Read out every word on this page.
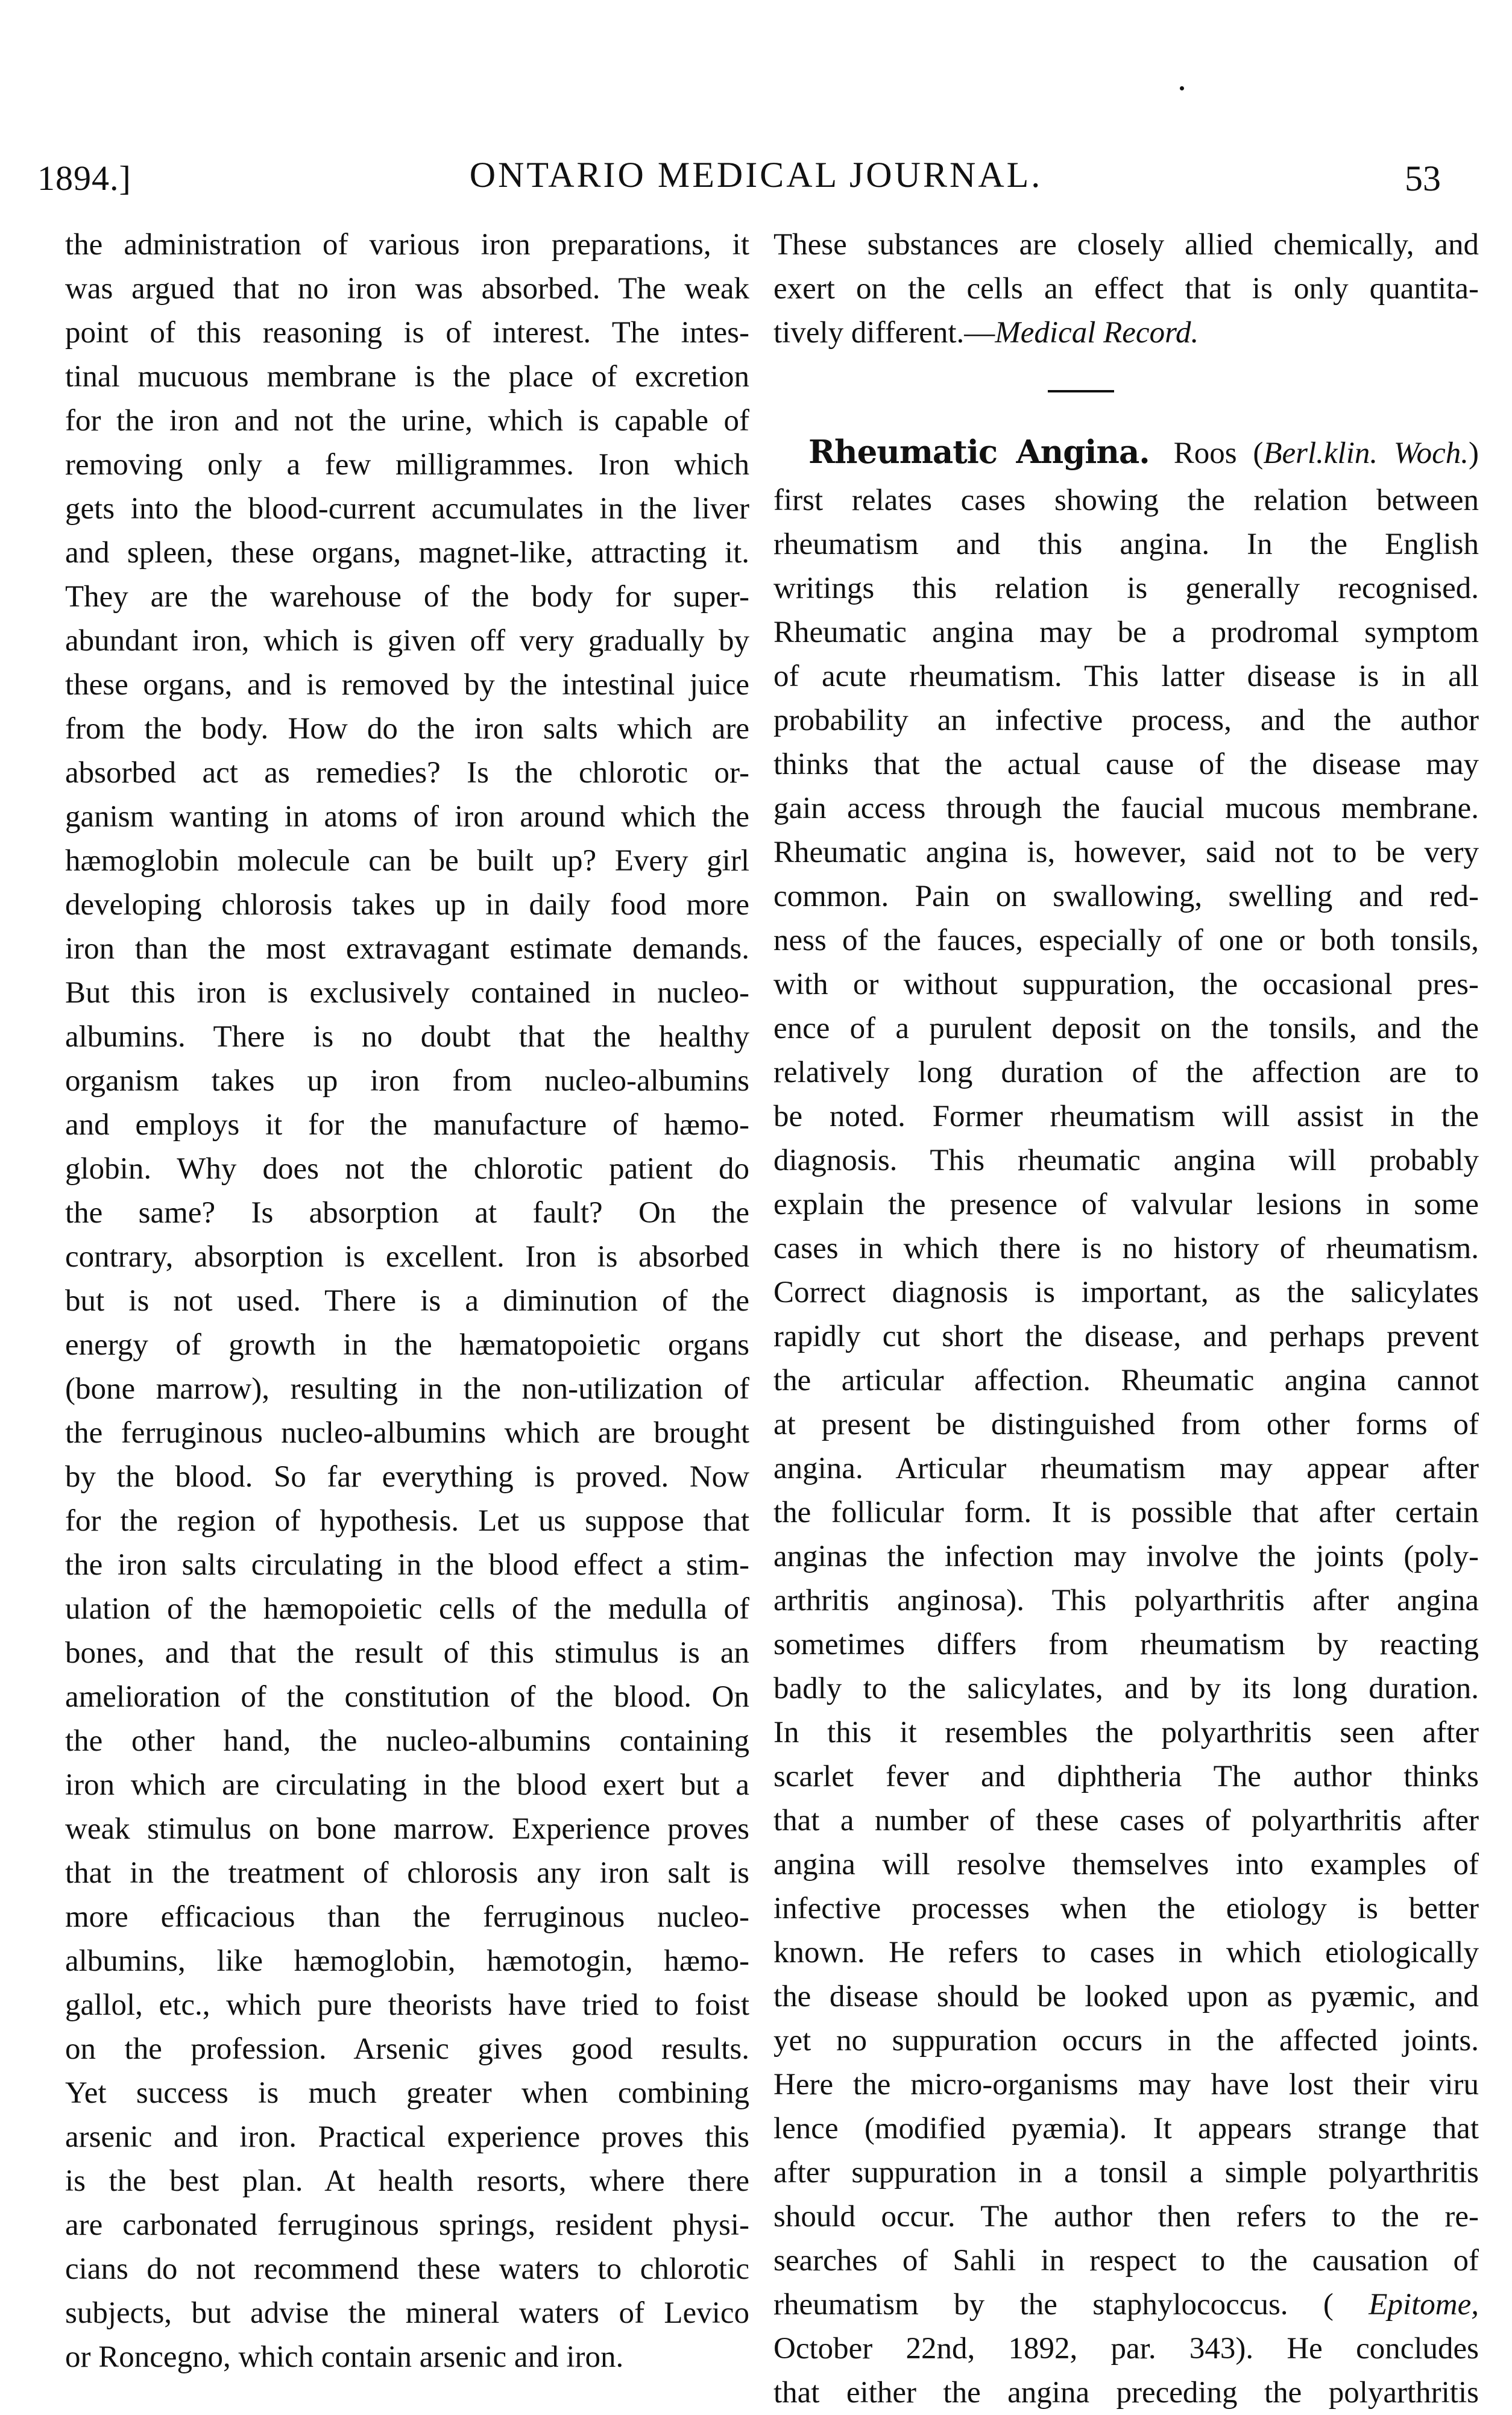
1894.]	ONTARIO MEDICAL JOURNAL.	53
the administration of various iron preparations, it
was argued that no iron was absorbed. The weak
point of this reasoning is of interest. The intes-
tinal mucuous membrane is the place of excretion
for the iron and not the urine, which is capable of
removing only a few milligrammes. Iron which
gets into the blood-current accumulates in the liver
and spleen, these organs, magnet-like, attracting it.
They are the warehouse of the body for super-
abundant iron, which is given off very gradually by
these organs, and is removed by the intestinal juice
from the body. How do the iron salts which are
absorbed act as remedies? Is the chlorotic or-
ganism wanting in atoms of iron around which the
hæmoglobin molecule can be built up? Every girl
developing chlorosis takes up in daily food more
iron than the most extravagant estimate demands.
But this iron is exclusively contained in nucleo-
albumins. There is no doubt that the healthy
organism takes up iron from nucleo-albumins
and employs it for the manufacture of hæmo-
globin. Why does not the chlorotic patient do
the same? Is absorption at fault? On the
contrary, absorption is excellent. Iron is absorbed
but is not used. There is a diminution of the
energy of growth in the hæmatopoietic organs
(bone marrow), resulting in the non-utilization of
the ferruginous nucleo-albumins which are brought
by the blood. So far everything is proved. Now
for the region of hypothesis. Let us suppose that
the iron salts circulating in the blood effect a stim-
ulation of the hæmopoietic cells of the medulla of
bones, and that the result of this stimulus is an
amelioration of the constitution of the blood. On
the other hand, the nucleo-albumins containing
iron which are circulating in the blood exert but a
weak stimulus on bone marrow. Experience proves
that in the treatment of chlorosis any iron salt is
more efficacious than the ferruginous nucleo-
albumins, like hæmoglobin, hæmotogin, hæmo-
gallol, etc., which pure theorists have tried to foist
on the profession. Arsenic gives good results.
Yet success is much greater when combining
arsenic and iron. Practical experience proves this
is the best plan. At health resorts, where there
are carbonated ferruginous springs, resident physi-
cians do not recommend these waters to chlorotic
subjects, but advise the mineral waters of Levico
or Roncegno, which contain arsenic and iron.
These substances are closely allied chemically, and
exert on the cells an effect that is only quantita-
tively different.—Medical Record.
Rheumatic Angina. Roos (Berl.klin. Woch.)
first relates cases showing the relation between
rheumatism and this angina. In the English
writings this relation is generally recognised.
Rheumatic angina may be a prodromal symptom
of acute rheumatism. This latter disease is in all
probability an infective process, and the author
thinks that the actual cause of the disease may
gain access through the faucial mucous membrane.
Rheumatic angina is, however, said not to be very
common. Pain on swallowing, swelling and red-
ness of the fauces, especially of one or both tonsils,
with or without suppuration, the occasional pres-
ence of a purulent deposit on the tonsils, and the
relatively long duration of the affection are to
be noted. Former rheumatism will assist in the
diagnosis. This rheumatic angina will probably
explain the presence of valvular lesions in some
cases in which there is no history of rheumatism.
Correct diagnosis is important, as the salicylates
rapidly cut short the disease, and perhaps prevent
the articular affection. Rheumatic angina cannot
at present be distinguished from other forms of
angina. Articular rheumatism may appear after
the follicular form. It is possible that after certain
anginas the infection may involve the joints (poly-
arthritis anginosa). This polyarthritis after angina
sometimes differs from rheumatism by reacting
badly to the salicylates, and by its long duration.
In this it resembles the polyarthritis seen after
scarlet fever and diphtheria The author thinks
that a number of these cases of polyarthritis after
angina will resolve themselves into examples of
infective processes when the etiology is better
known. He refers to cases in which etiologically
the disease should be looked upon as pyæmic, and
yet no suppuration occurs in the affected joints.
Here the micro-organisms may have lost their viru
lence (modified pyæmia). It appears strange that
after suppuration in a tonsil a simple polyarthritis
should occur. The author then refers to the re-
searches of Sahli in respect to the causation of
rheumatism by the staphylococcus. ( Epitome,
October 22nd, 1892, par. 343). He concludes
that either the angina preceding the polyarthritis
